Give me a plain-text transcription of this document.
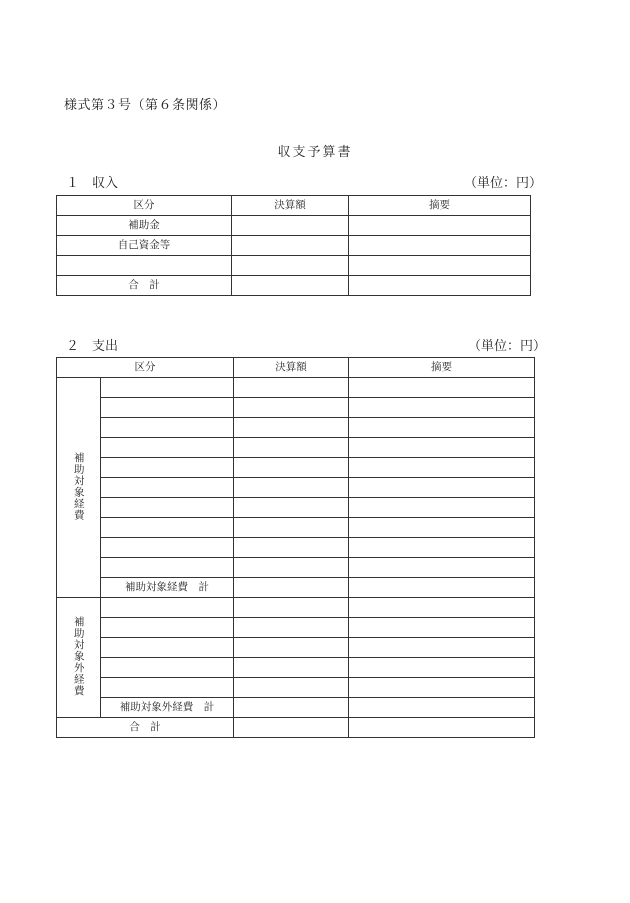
様式第３号（第６条関係）
収支予算書
１　収入	（単位：円）
区分	決算額	摘要
補助金		
自己資金等		

合　計		
２　支出	（単位：円）
区分		決算額	摘要
補助対象経費			

	補助対象経費　計		
補助対象外経費			

	補助対象外経費　計		
合　計			
